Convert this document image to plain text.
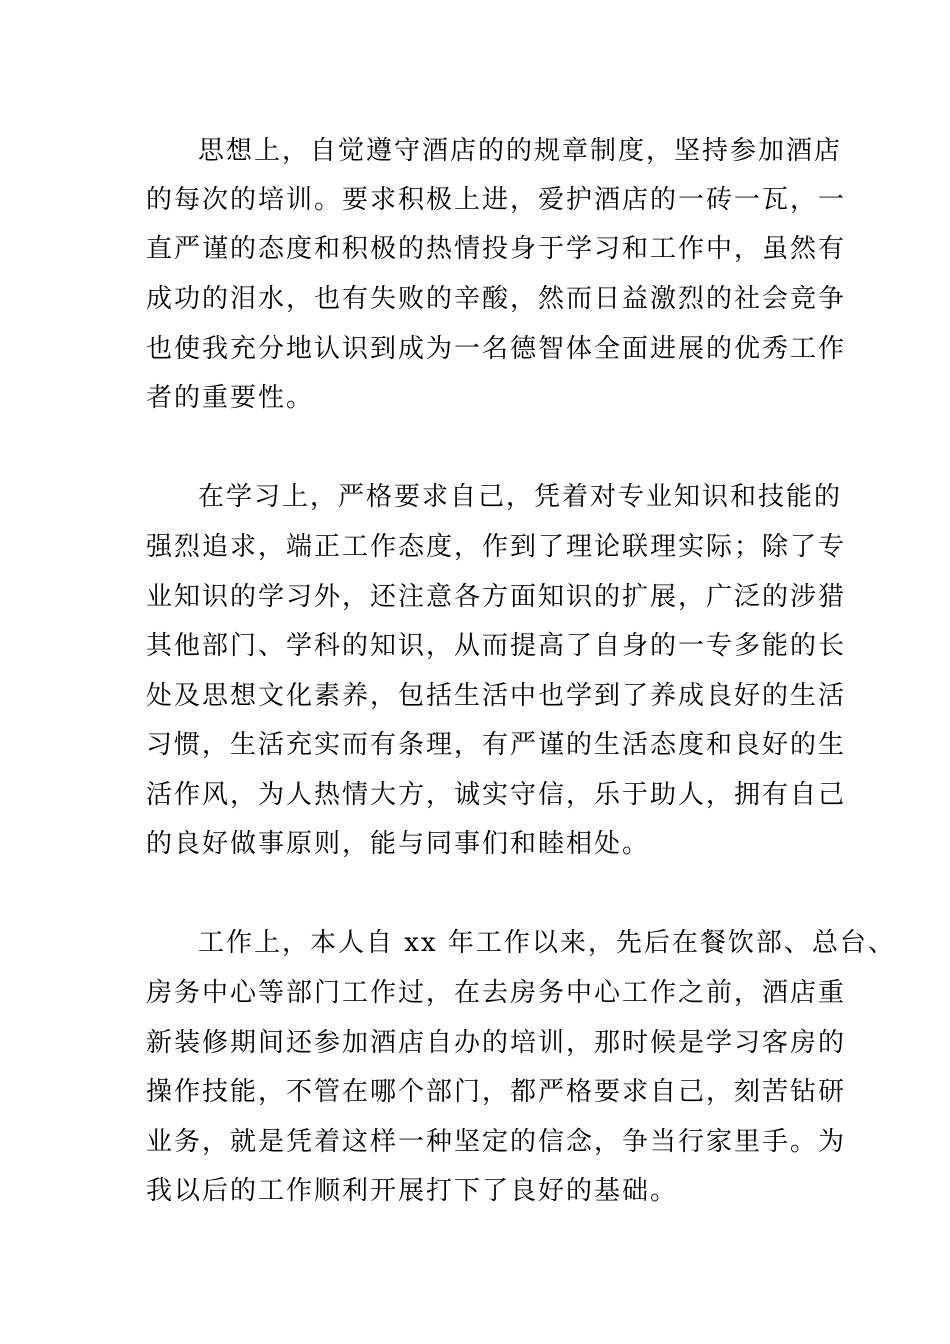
思想上，自觉遵守酒店的的规章制度，坚持参加酒店

的每次的培训。要求积极上进，爱护酒店的一砖一瓦，一

直严谨的态度和积极的热情投身于学习和工作中，虽然有

成功的泪水，也有失败的辛酸，然而日益激烈的社会竞争

也使我充分地认识到成为一名德智体全面进展的优秀工作

者的重要性。

在学习上，严格要求自己，凭着对专业知识和技能的

强烈追求，端正工作态度，作到了理论联理实际；除了专

业知识的学习外，还注意各方面知识的扩展，广泛的涉猎

其他部门、学科的知识，从而提高了自身的一专多能的长

处及思想文化素养，包括生活中也学到了养成良好的生活

习惯，生活充实而有条理，有严谨的生活态度和良好的生

活作风，为人热情大方，诚实守信，乐于助人，拥有自己

的良好做事原则，能与同事们和睦相处。

工作上，本人自 xx 年工作以来，先后在餐饮部、总台、

房务中心等部门工作过，在去房务中心工作之前，酒店重

新装修期间还参加酒店自办的培训，那时候是学习客房的

操作技能，不管在哪个部门，都严格要求自己，刻苦钻研

业务，就是凭着这样一种坚定的信念，争当行家里手。为

我以后的工作顺利开展打下了良好的基础。
